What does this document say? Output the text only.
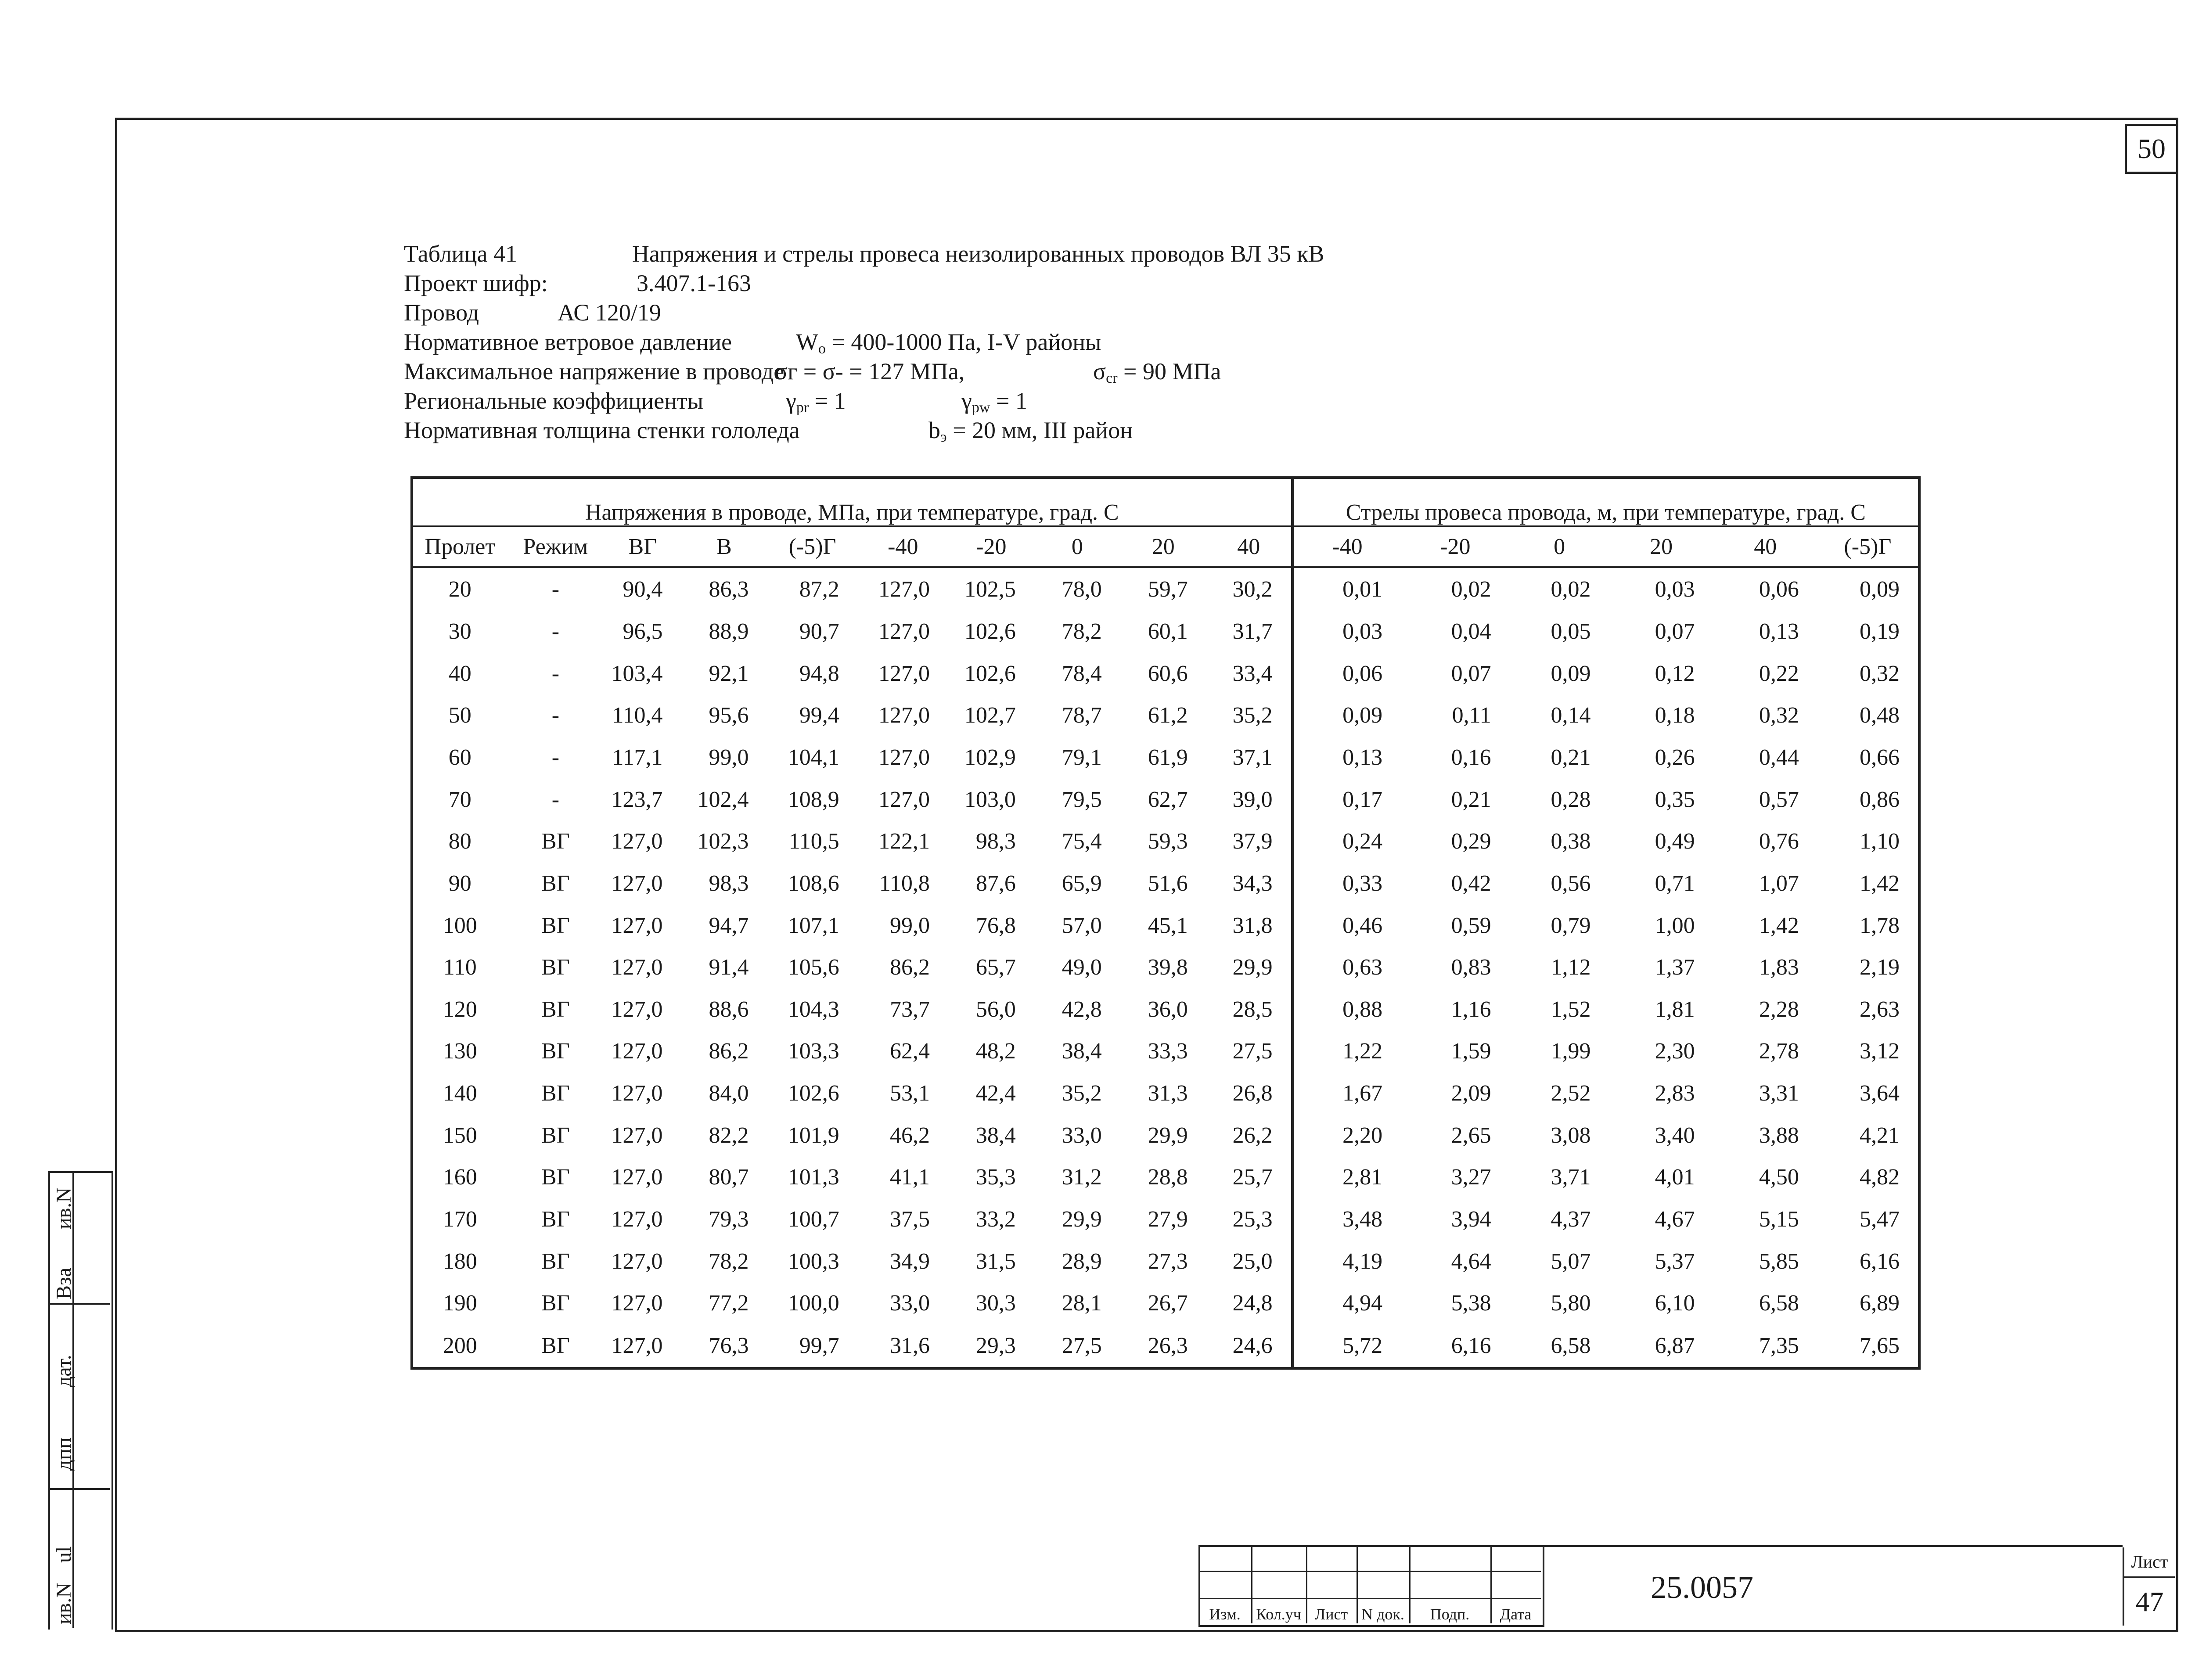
50
Таблица 41	Напряжения и стрелы провеса неизолированных проводов ВЛ 35 кВ
Проект шифр:	3.407.1-163
Провод	АС 120/19
Нормативное ветровое давление	$W_o = 400-1000$ Па, I-V районы
Максимальное напряжение в проводе
σг = σ- = 127 МПа,	$\sigma_{cr} = 90$ МПа
Региональные коэффициенты	$\gamma_{pr} = 1$	$\gamma_{pw} = 1$
Нормативная толщина стенки гололеда	$b_э = 20$ мм, III район
Напряжения в проводе, МПа, при температуре, град. С										Стрелы провеса провода, м, при температуре, град. С					
Пролет	Режим	ВГ	В	(-5)Г	-40	-20	0	20	40	-40	-20	0	20	40	(-5)Г
20	-	90,4	86,3	87,2	127,0	102,5	78,0	59,7	30,2	0,01	0,02	0,02	0,03	0,06	0,09
30	-	96,5	88,9	90,7	127,0	102,6	78,2	60,1	31,7	0,03	0,04	0,05	0,07	0,13	0,19
40	-	103,4	92,1	94,8	127,0	102,6	78,4	60,6	33,4	0,06	0,07	0,09	0,12	0,22	0,32
50	-	110,4	95,6	99,4	127,0	102,7	78,7	61,2	35,2	0,09	0,11	0,14	0,18	0,32	0,48
60	-	117,1	99,0	104,1	127,0	102,9	79,1	61,9	37,1	0,13	0,16	0,21	0,26	0,44	0,66
70	-	123,7	102,4	108,9	127,0	103,0	79,5	62,7	39,0	0,17	0,21	0,28	0,35	0,57	0,86
80	ВГ	127,0	102,3	110,5	122,1	98,3	75,4	59,3	37,9	0,24	0,29	0,38	0,49	0,76	1,10
90	ВГ	127,0	98,3	108,6	110,8	87,6	65,9	51,6	34,3	0,33	0,42	0,56	0,71	1,07	1,42
100	ВГ	127,0	94,7	107,1	99,0	76,8	57,0	45,1	31,8	0,46	0,59	0,79	1,00	1,42	1,78
110	ВГ	127,0	91,4	105,6	86,2	65,7	49,0	39,8	29,9	0,63	0,83	1,12	1,37	1,83	2,19
120	ВГ	127,0	88,6	104,3	73,7	56,0	42,8	36,0	28,5	0,88	1,16	1,52	1,81	2,28	2,63
130	ВГ	127,0	86,2	103,3	62,4	48,2	38,4	33,3	27,5	1,22	1,59	1,99	2,30	2,78	3,12
140	ВГ	127,0	84,0	102,6	53,1	42,4	35,2	31,3	26,8	1,67	2,09	2,52	2,83	3,31	3,64
150	ВГ	127,0	82,2	101,9	46,2	38,4	33,0	29,9	26,2	2,20	2,65	3,08	3,40	3,88	4,21
160	ВГ	127,0	80,7	101,3	41,1	35,3	31,2	28,8	25,7	2,81	3,27	3,71	4,01	4,50	4,82
170	ВГ	127,0	79,3	100,7	37,5	33,2	29,9	27,9	25,3	3,48	3,94	4,37	4,67	5,15	5,47
180	ВГ	127,0	78,2	100,3	34,9	31,5	28,9	27,3	25,0	4,19	4,64	5,07	5,37	5,85	6,16
190	ВГ	127,0	77,2	100,0	33,0	30,3	28,1	26,7	24,8	4,94	5,38	5,80	6,10	6,58	6,89
200	ВГ	127,0	76,3	99,7	31,6	29,3	27,5	26,3	24,6	5,72	6,16	6,58	6,87	7,35	7,65
Вза
ив.N
дат.
дпп
ul
ив.N	Изм. Кол.уч Лист N док.	Подп.	Дата
25.0057
Лист
47
